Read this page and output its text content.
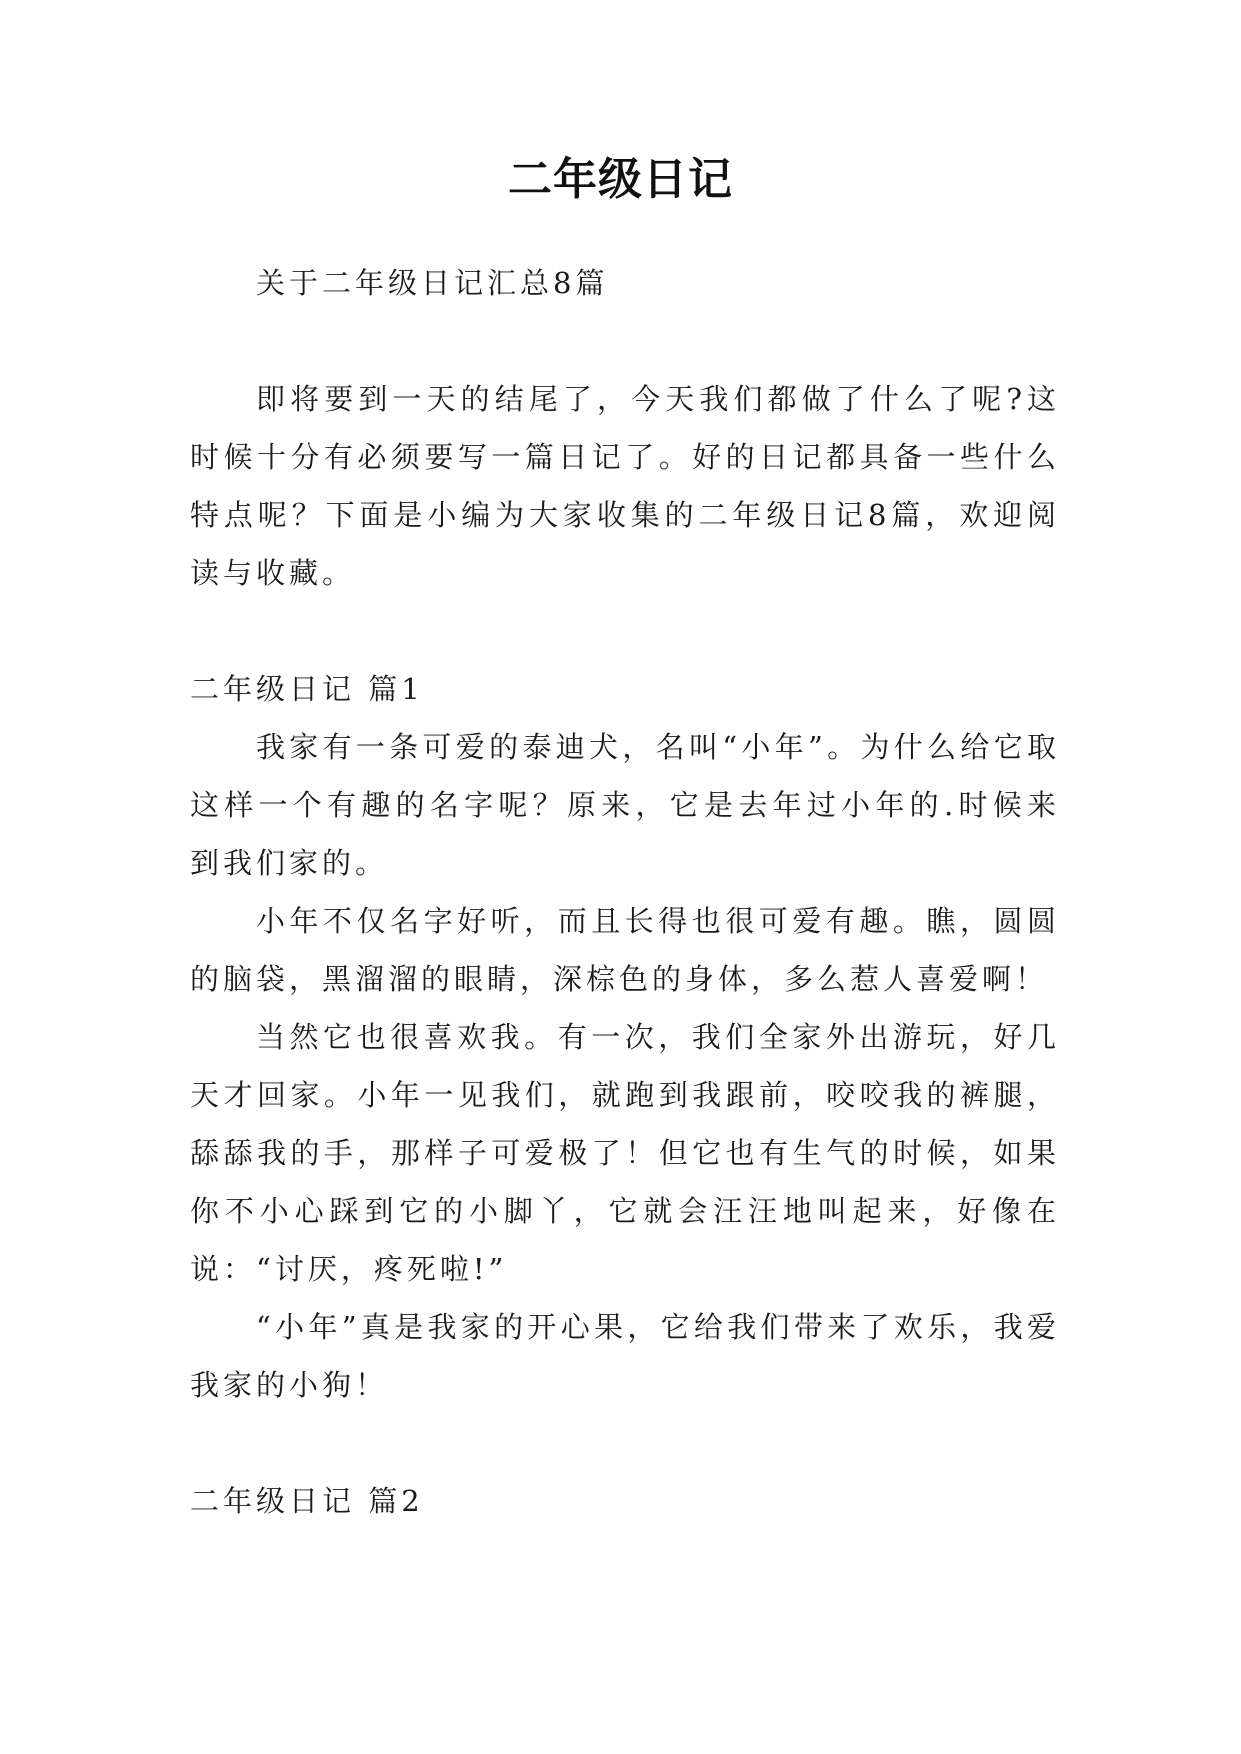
二年级日记

关于二年级日记汇总8篇

即将要到一天的结尾了，今天我们都做了什么了呢?这时候十分有必须要写一篇日记了。好的日记都具备一些什么特点呢？下面是小编为大家收集的二年级日记8篇，欢迎阅读与收藏。

二年级日记 篇1

我家有一条可爱的泰迪犬，名叫“小年”。为什么给它取这样一个有趣的名字呢？原来，它是去年过小年的.时候来到我们家的。

小年不仅名字好听，而且长得也很可爱有趣。瞧，圆圆的脑袋，黑溜溜的眼睛，深棕色的身体，多么惹人喜爱啊！

当然它也很喜欢我。有一次，我们全家外出游玩，好几天才回家。小年一见我们，就跑到我跟前，咬咬我的裤腿，舔舔我的手，那样子可爱极了！但它也有生气的时候，如果你不小心踩到它的小脚丫，它就会汪汪地叫起来，好像在说：“讨厌，疼死啦!”

“小年”真是我家的开心果，它给我们带来了欢乐，我爱我家的小狗！

二年级日记 篇2
